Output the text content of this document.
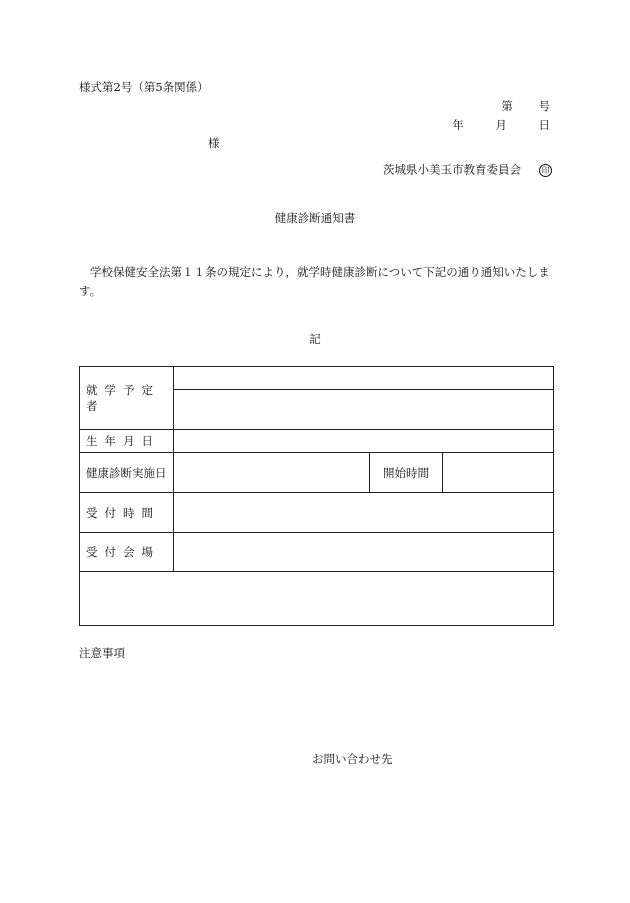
様式第2号（第5条関係）
第 号
年 月 日
様
茨城県小美玉市教育委員会	印
健康診断通知書
学校保健安全法第１１条の規定により，就学時健康診断について下記の通り通知いたします。
記
就学予定者			

生年月日			
健康診断実施日		開始時間	
受付時間			
受付会場			

注意事項
お問い合わせ先
